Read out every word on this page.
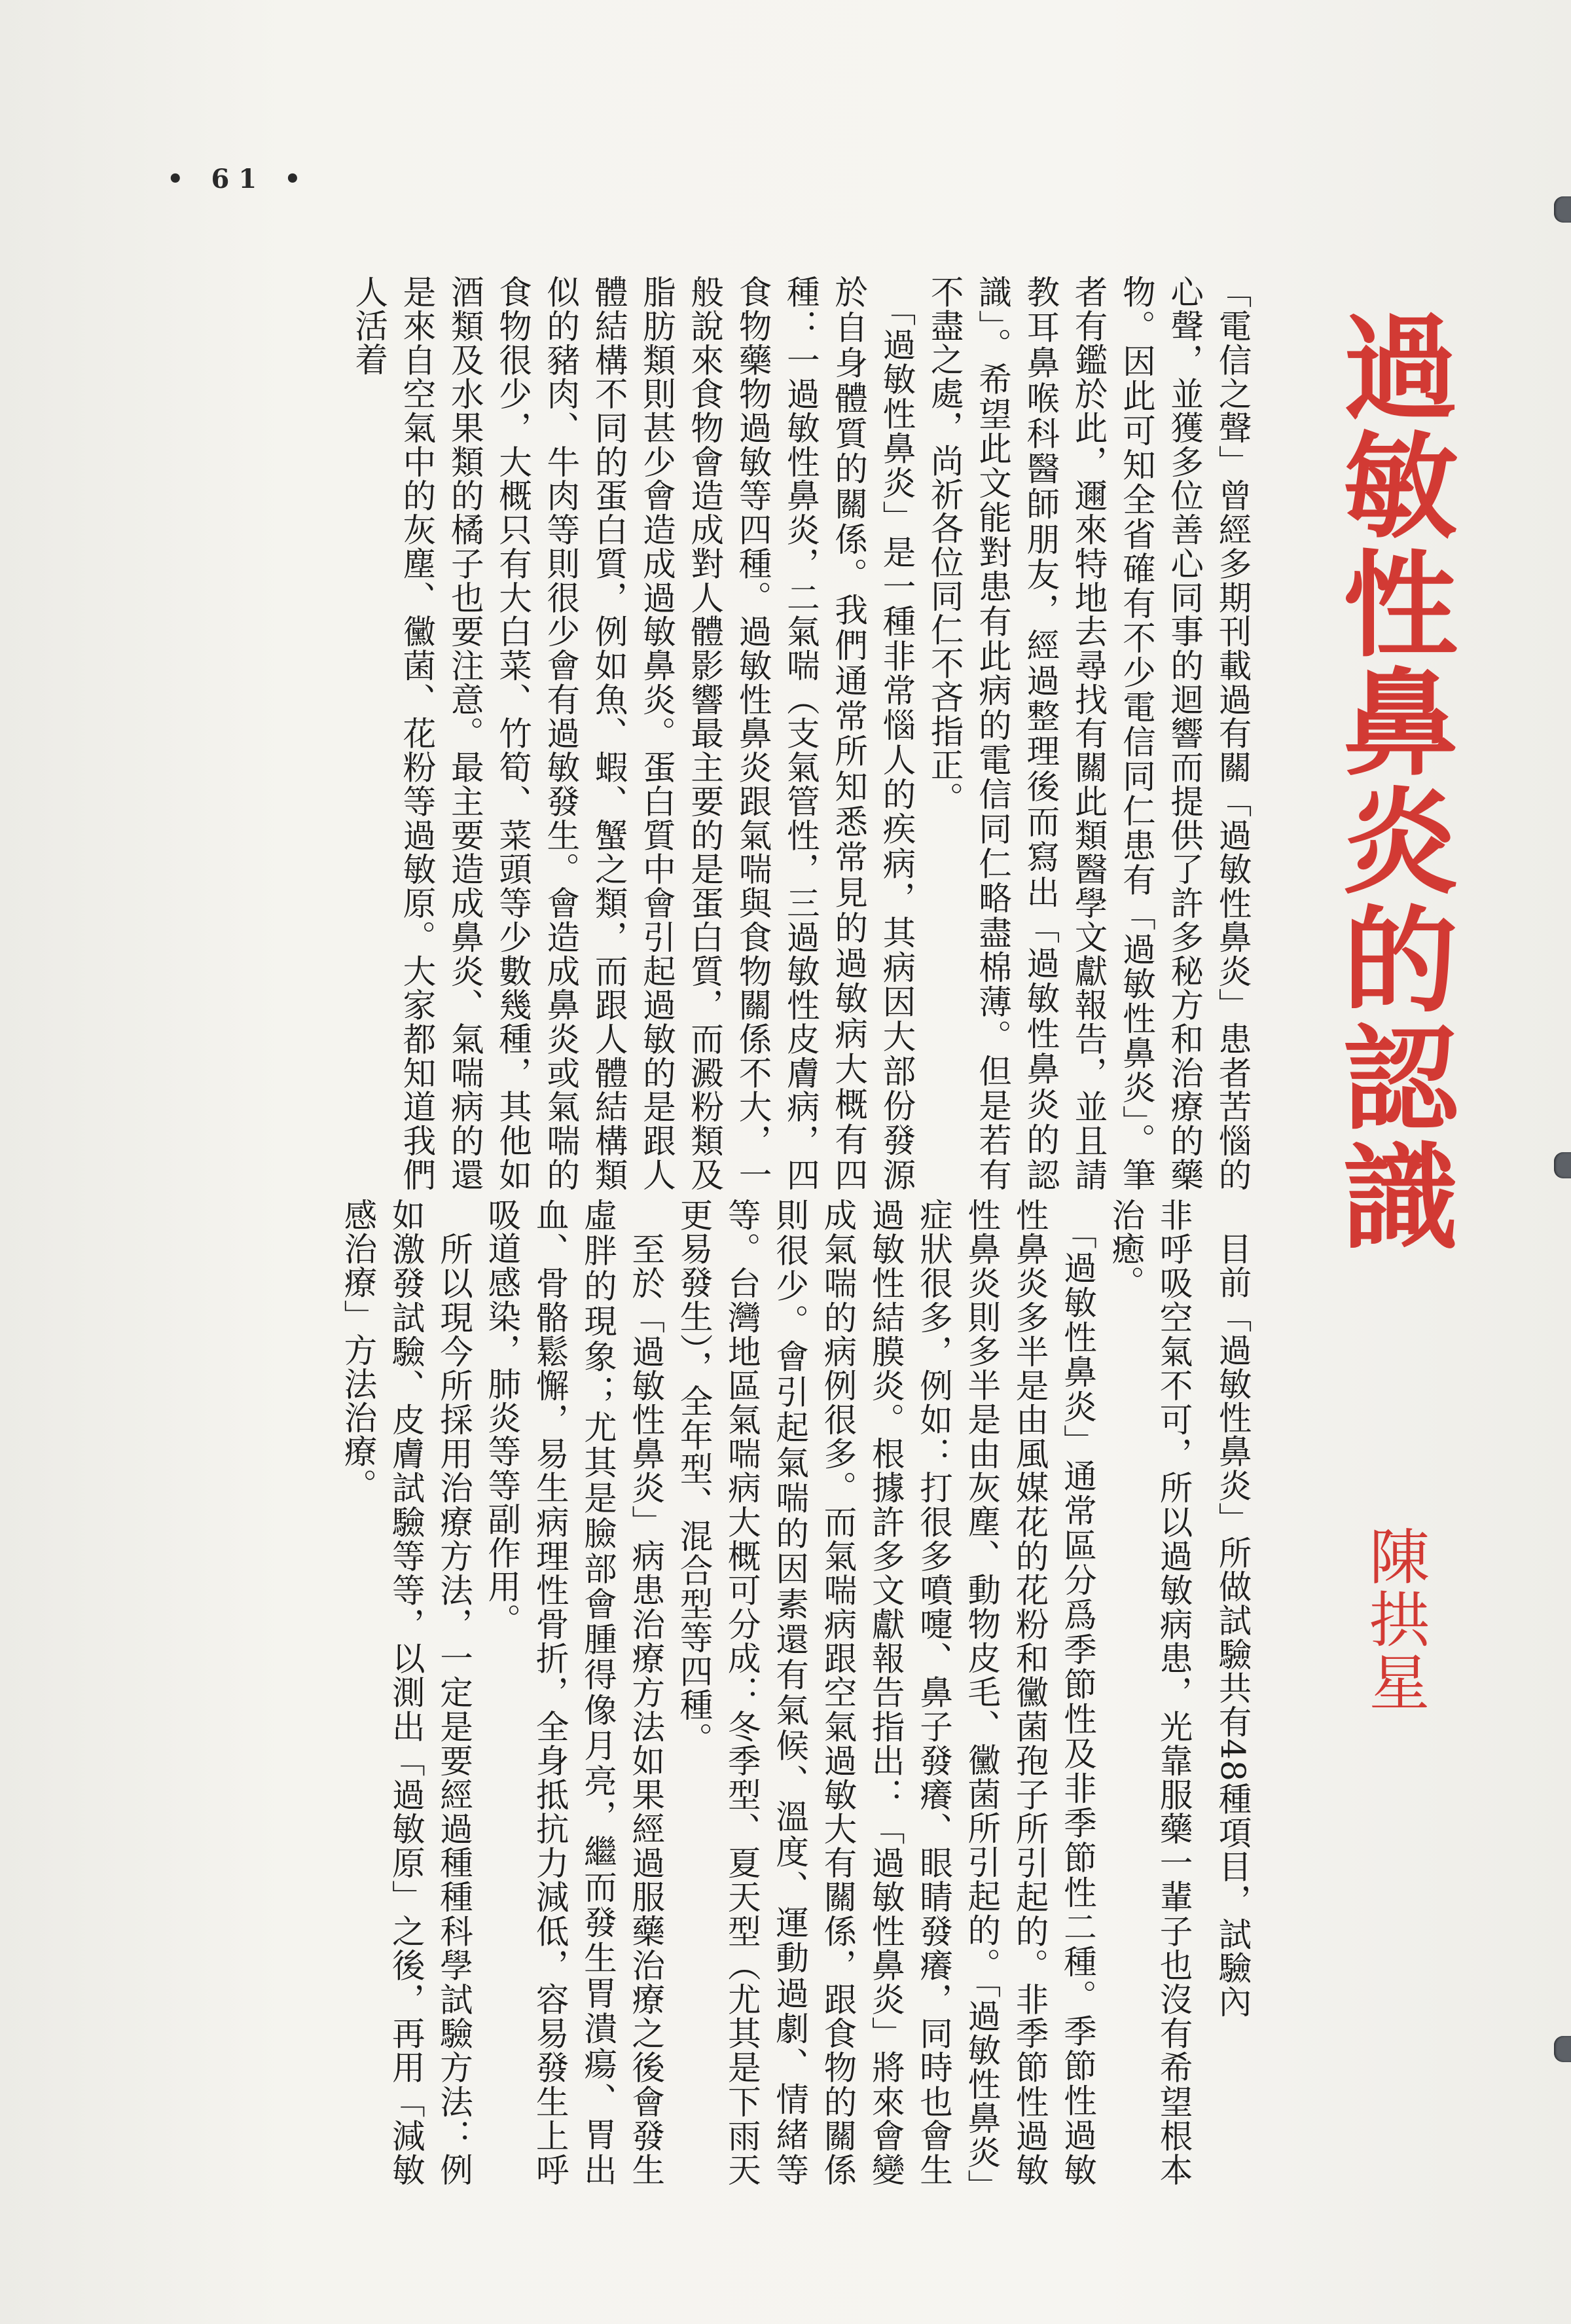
• 61 •
過敏性鼻炎的認識
陳拱星
「電信之聲」曾經多期刊載過有關「過敏性鼻炎」患者苦惱的心聲，並獲多位善心同事的迴響而提供了許多秘方和治療的藥物。因此可知全省確有不少電信同仁患有「過敏性鼻炎」。筆者有鑑於此，邇來特地去尋找有關此類醫學文獻報告，並且請教耳鼻喉科醫師朋友，經過整理後而寫出「過敏性鼻炎的認識」。希望此文能對患有此病的電信同仁略盡棉薄。但是若有不盡之處，尚祈各位同仁不吝指正。
　「過敏性鼻炎」是一種非常惱人的疾病，其病因大部份發源於自身體質的關係。我們通常所知悉常見的過敏病大概有四種：一過敏性鼻炎，二氣喘（支氣管性，三過敏性皮膚病，四食物藥物過敏等四種。過敏性鼻炎跟氣喘與食物關係不大，一般說來食物會造成對人體影響最主要的是蛋白質，而澱粉類及脂肪類則甚少會造成過敏鼻炎。蛋白質中會引起過敏的是跟人體結構不同的蛋白質，例如魚、蝦、蟹之類，而跟人體結構類似的豬肉、牛肉等則很少會有過敏發生。會造成鼻炎或氣喘的食物很少，大概只有大白菜、竹筍、菜頭等少數幾種，其他如酒類及水果類的橘子也要注意。最主要造成鼻炎、氣喘病的還是來自空氣中的灰塵、黴菌、花粉等過敏原。大家都知道我們人活着
非呼吸空氣不可，所以過敏病患，光靠服藥一輩子也沒有希望根本治癒。
　「過敏性鼻炎」通常區分爲季節性及非季節性二種。季節性過敏性鼻炎多半是由風媒花的花粉和黴菌孢子所引起的。非季節性過敏性鼻炎則多半是由灰塵、動物皮毛、黴菌所引起的。「過敏性鼻炎」症狀很多，例如：打很多噴嚏、鼻子發癢、眼睛發癢，同時也會生過敏性結膜炎。根據許多文獻報告指出：「過敏性鼻炎」將來會變成氣喘的病例很多。而氣喘病跟空氣過敏大有關係，跟食物的關係則很少。會引起氣喘的因素還有氣候、溫度、運動過劇、情緒等等。台灣地區氣喘病大概可分成：冬季型、夏天型（尤其是下雨天更易發生），全年型、混合型等四種。
　至於「過敏性鼻炎」病患治療方法如果經過服藥治療之後會發生虛胖的現象；尤其是臉部會腫得像月亮，繼而發生胃潰瘍、胃出血、骨骼鬆懈，易生病理性骨折，全身抵抗力減低，容易發生上呼吸道感染，肺炎等等副作用。
　所以現今所採用治療方法，一定是要經過種種科學試驗方法：例如激發試驗、皮膚試驗等等，以測出「過敏原」之後，再用「減敏感治療」方法治療。	　目前「過敏性鼻炎」所做試驗共有48種項目，試驗內
